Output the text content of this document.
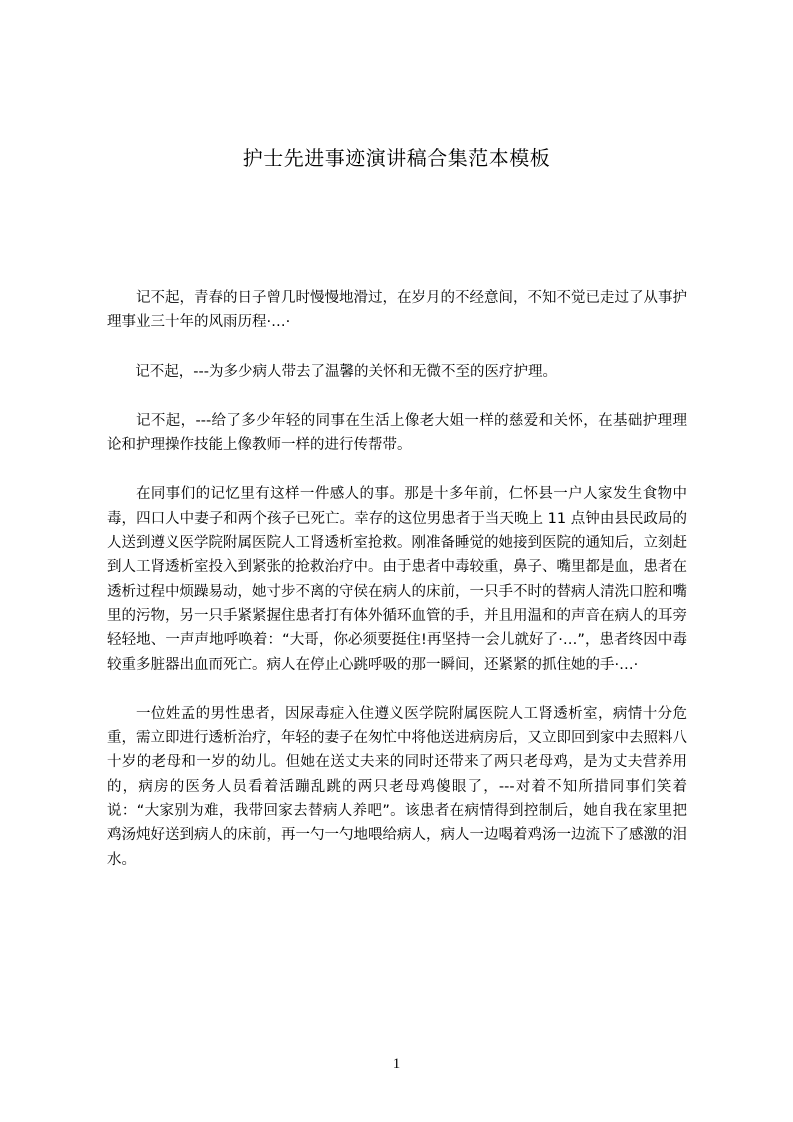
护士先进事迹演讲稿合集范本模板

记不起，青春的日子曾几时慢慢地滑过，在岁月的不经意间，不知不觉已走过了从事护理事业三十年的风雨历程·…·

记不起，---为多少病人带去了温馨的关怀和无微不至的医疗护理。

记不起，---给了多少年轻的同事在生活上像老大姐一样的慈爱和关怀，在基础护理理论和护理操作技能上像教师一样的进行传帮带。

在同事们的记忆里有这样一件感人的事。那是十多年前，仁怀县一户人家发生食物中毒，四口人中妻子和两个孩子已死亡。幸存的这位男患者于当天晚上 11 点钟由县民政局的人送到遵义医学院附属医院人工肾透析室抢救。刚准备睡觉的她接到医院的通知后，立刻赶到人工肾透析室投入到紧张的抢救治疗中。由于患者中毒较重，鼻子、嘴里都是血，患者在透析过程中烦躁易动，她寸步不离的守侯在病人的床前，一只手不时的替病人清洗口腔和嘴里的污物，另一只手紧紧握住患者打有体外循环血管的手，并且用温和的声音在病人的耳旁轻轻地、一声声地呼唤着：“大哥，你必须要挺住!再坚持一会儿就好了·…”，患者终因中毒较重多脏器出血而死亡。病人在停止心跳呼吸的那一瞬间，还紧紧的抓住她的手·…·

一位姓孟的男性患者，因尿毒症入住遵义医学院附属医院人工肾透析室，病情十分危重，需立即进行透析治疗，年轻的妻子在匆忙中将他送进病房后，又立即回到家中去照料八十岁的老母和一岁的幼儿。但她在送丈夫来的同时还带来了两只老母鸡，是为丈夫营养用的，病房的医务人员看着活蹦乱跳的两只老母鸡傻眼了，---对着不知所措同事们笑着说：“大家别为难，我带回家去替病人养吧”。该患者在病情得到控制后，她自我在家里把鸡汤炖好送到病人的床前，再一勺一勺地喂给病人，病人一边喝着鸡汤一边流下了感激的泪水。

1
